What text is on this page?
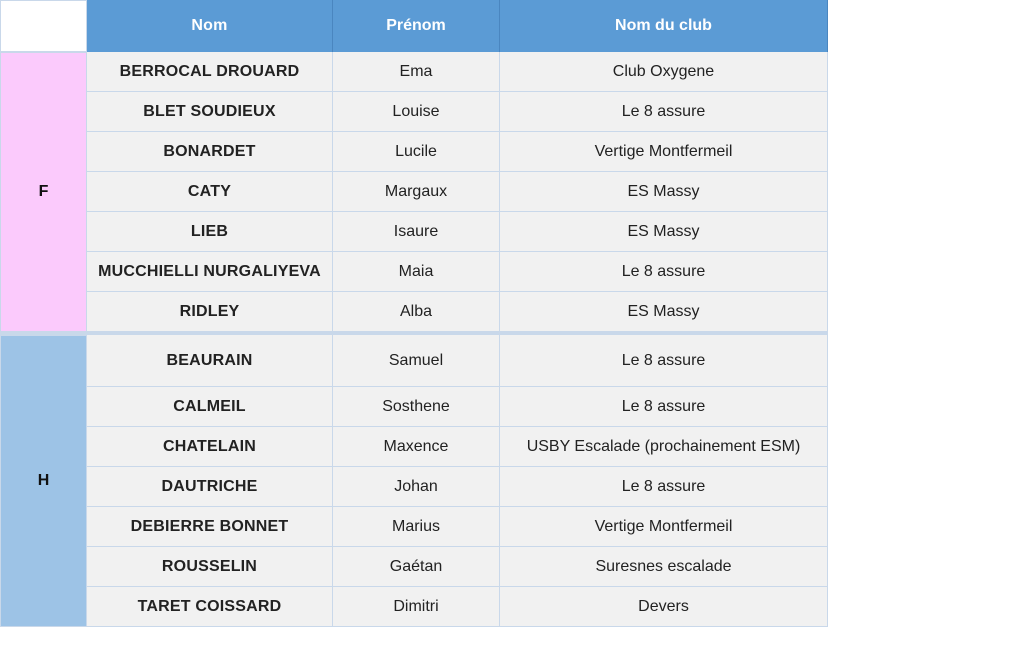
Nom	Prénom	Nom du club
F
BERROCAL DROUARD	Ema	Club Oxygene
BLET SOUDIEUX	Louise	Le 8 assure
BONARDET	Lucile	Vertige Montfermeil
CATY	Margaux	ES Massy
LIEB	Isaure	ES Massy
MUCCHIELLI NURGALIYEVA	Maia	Le 8 assure
RIDLEY	Alba	ES Massy
H
BEAURAIN	Samuel	Le 8 assure
CALMEIL	Sosthene	Le 8 assure
CHATELAIN	Maxence	USBY Escalade (prochainement ESM)
DAUTRICHE	Johan	Le 8 assure
DEBIERRE BONNET	Marius	Vertige Montfermeil
ROUSSELIN	Gaétan	Suresnes escalade
TARET COISSARD	Dimitri	Devers
